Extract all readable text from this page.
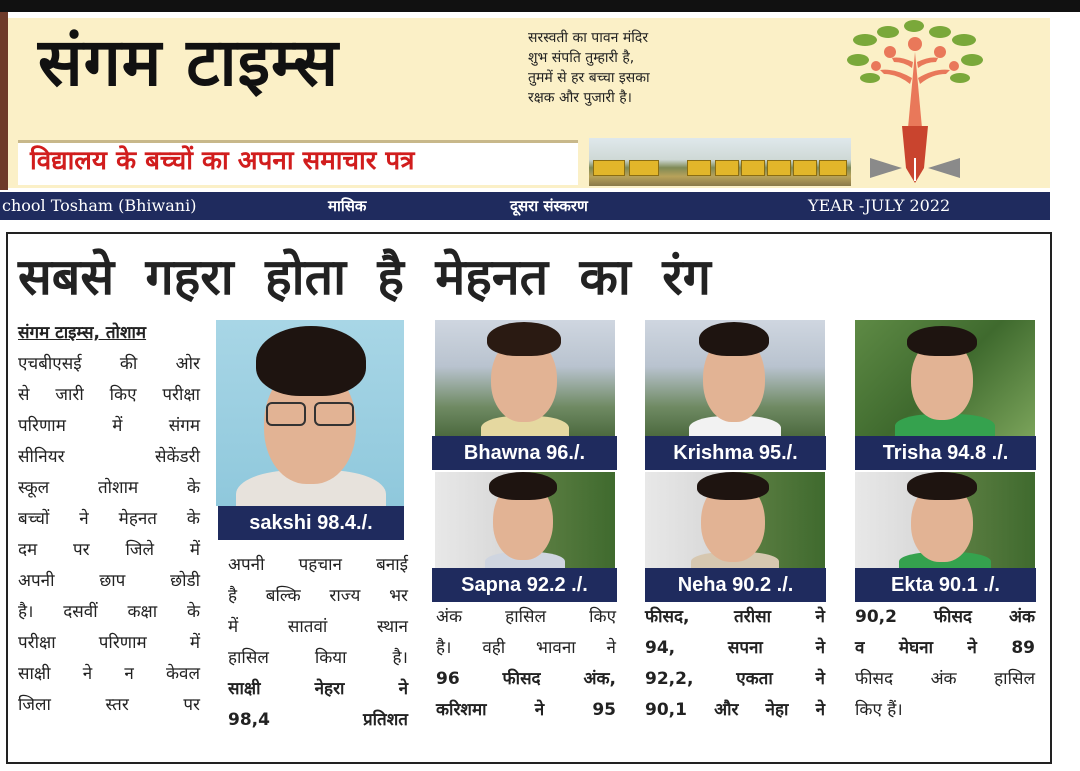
संगम टाइम्स	सरस्वती का पावन मंदिर
शुभ संपति तुम्हारी है,
तुममें से हर बच्चा इसका
रक्षक और पुजारी है।
विद्यालय के बच्चों का अपना समाचार पत्र
chool Tosham (Bhiwani)	मासिक	दूसरा संस्करण	YEAR -JULY 2022
सबसे गहरा होता है मेहनत का रंग
संगम टाइम्स, तोशाम
एचबीएसई की ओर
से जारी किए परीक्षा
परिणाम में संगम
सीनियर सेकेंडरी
स्कूल तोशाम के
बच्चों ने मेहनत के
दम पर जिले में
अपनी छाप छोडी
है। दसवीं कक्षा के
परीक्षा परिणाम में
साक्षी ने न केवल
जिला स्तर पर
sakshi 98.4./.
अपनी पहचान बनाई
है बल्कि राज्य भर
में सातवां स्थान
हासिल किया है।
साक्षी नेहरा ने
98,4 प्रतिशत
Bhawna 96./.	Krishma 95./.	Trisha 94.8 ./.
Sapna 92.2 ./.	Neha 90.2 ./.	Ekta 90.1 ./.
अंक हासिल किए
है। वही भावना ने
96 फीसद अंक,
करिशमा ने 95
फीसद, तरीसा ने
94, सपना ने
92,2, एकता ने
90,1 और नेहा ने
90,2 फीसद अंक
व मेघना ने 89
फीसद अंक हासिल
किए हैं।
